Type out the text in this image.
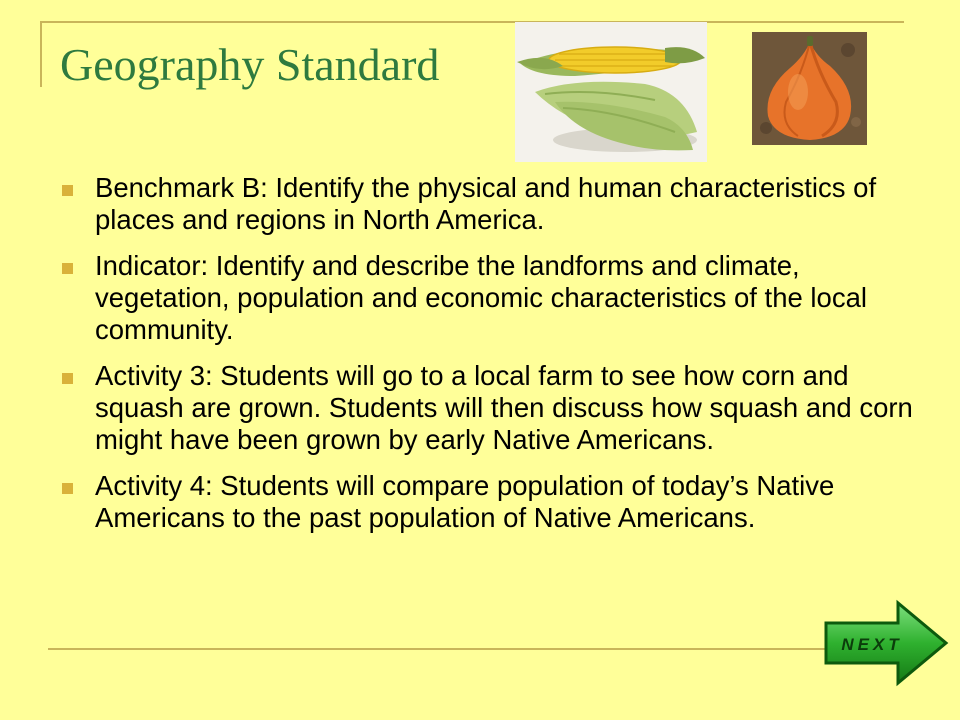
Geography Standard
Benchmark B: Identify the physical and human characteristics of places and regions in North America.
Indicator: Identify and describe the landforms and climate, vegetation, population and economic characteristics of the local community.
Activity 3: Students will go to a local farm to see how corn and squash are grown. Students will then discuss how squash and corn might have been grown by early Native Americans.
Activity 4: Students will compare population of today’s Native Americans to the past population of Native Americans.
NEXT
